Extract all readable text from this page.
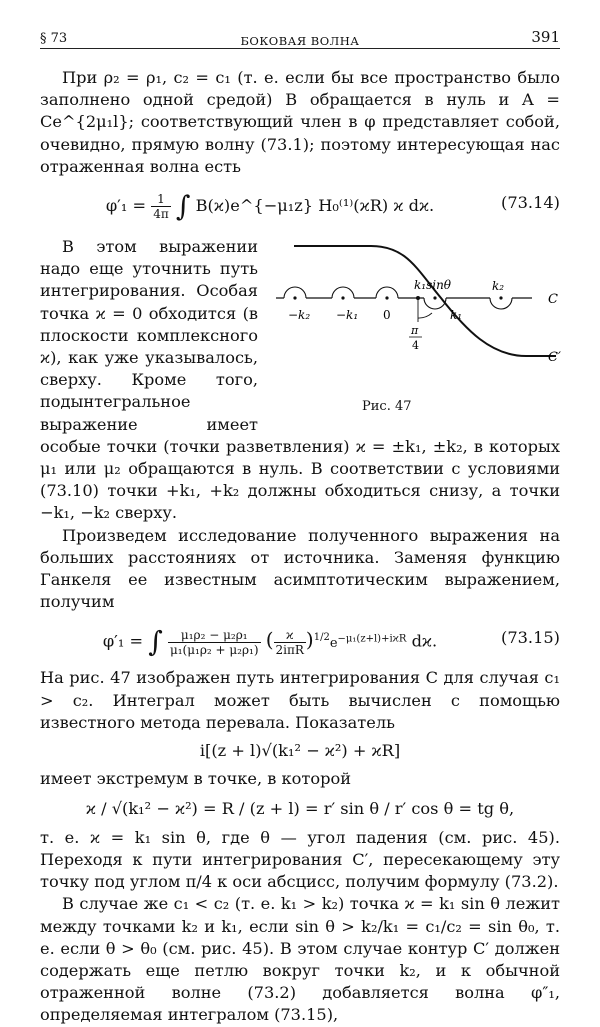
§ 73	БОКОВАЯ ВОЛНА	391

При ρ₂ = ρ₁, c₂ = c₁ (т. е. если бы все пространство было заполнено одной средой) B обращается в нуль и A = Ce^{2μ₁l}; соответствующий член в φ представляет собой, очевидно, прямую волну (73.1); поэтому интересующая нас отраженная волна есть

$\varphi'_1 = \frac{1}{4\pi}$ ∫ B(ϰ)e^{−μ₁z} H₀⁽¹⁾(ϰR) ϰ dϰ.	(73.14)
−k₂ −k₁ 0
k₁sinθ	k₂
k₁
π
4
C
C′
Рис. 47

В этом выражении надо еще уточнить путь интегрирования. Особая точка ϰ = 0 обходится (в плоскости комплексного ϰ), как уже указывалось, сверху. Кроме того, подынтегральное выражение имеет особые точки (точки разветвления) ϰ = ±k₁, ±k₂, в которых μ₁ или μ₂ обращаются в нуль. В соответствии с условиями (73.10) точки +k₁, +k₂ должны обходиться снизу, а точки −k₁, −k₂ сверху.

Произведем исследование полученного выражения на больших расстояниях от источника. Заменяя функцию Ганкеля ее известным асимптотическим выражением, получим

φ′₁ = ∫ $\frac{\text{μ₁ρ₂ − μ₂ρ₁}}{\text{μ₁(μ₁ρ₂ + μ₂ρ₁)}}$ ( $\frac{ϰ}{\text{2iπR}} )^{1/2}e^{-\mu_1(z+l)+iϰR}$ dϰ.	(73.15)

На рис. 47 изображен путь интегрирования C для случая c₁ > c₂. Интеграл может быть вычислен с помощью известного метода перевала. Показатель

i[(z + l)√(k₁² − ϰ²) + ϰR]

имеет экстремум в точке, в которой

ϰ / √(k₁² − ϰ²) = R / (z + l) = r′ sin θ / r′ cos θ = tg θ,

т. е. ϰ = k₁ sin θ, где θ — угол падения (см. рис. 45). Переходя к пути интегрирования C′, пересекающему эту точку под углом π/4 к оси абсцисс, получим формулу (73.2).

В случае же c₁ < c₂ (т. е. k₁ > k₂) точка ϰ = k₁ sin θ лежит между точками k₂ и k₁, если sin θ > k₂/k₁ = c₁/c₂ = sin θ₀, т. е. если θ > θ₀ (см. рис. 45). В этом случае контур C′ должен содержать еще петлю вокруг точки k₂, и к обычной отраженной волне (73.2) добавляется волна φ″₁, определяемая интегралом (73.15),
